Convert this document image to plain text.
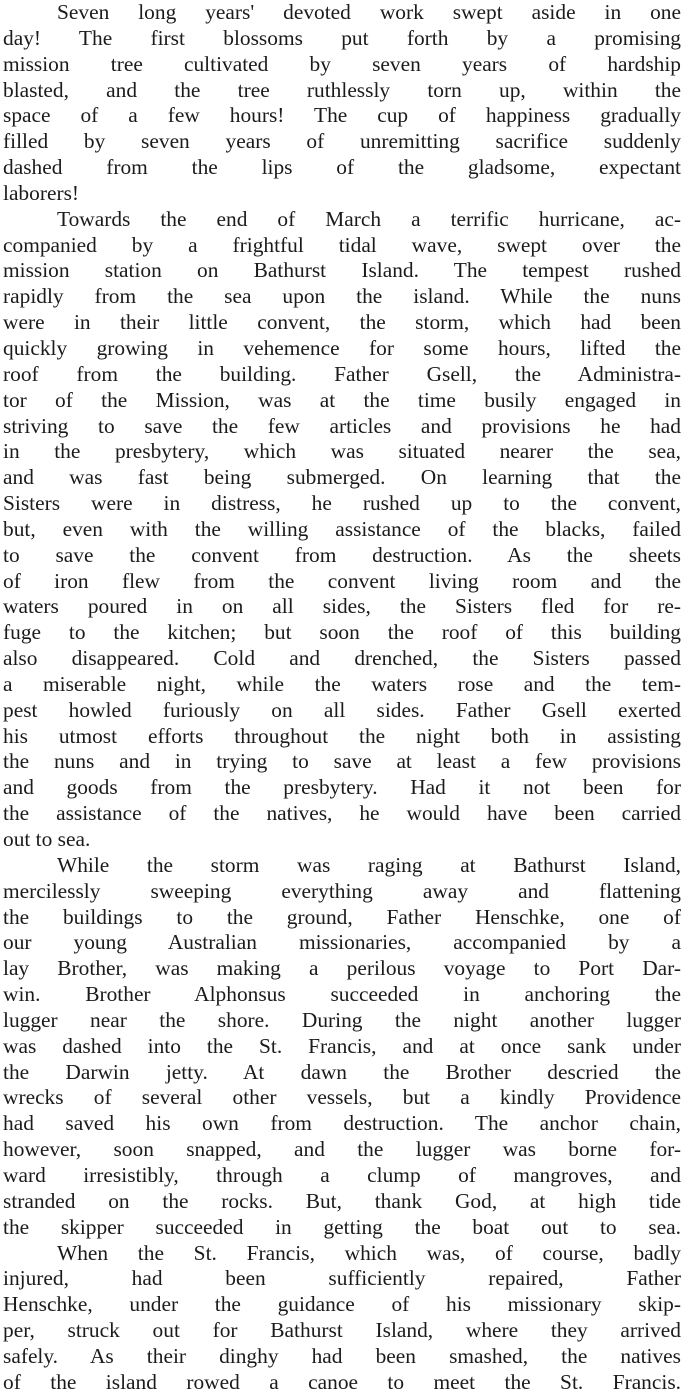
Seven long years' devoted work swept aside in one
day! The first blossoms put forth by a promising
mission tree cultivated by seven years of hardship
blasted, and the tree ruthlessly torn up, within the
space of a few hours! The cup of happiness gradually
filled by seven years of unremitting sacrifice suddenly
dashed from the lips of the gladsome, expectant
laborers!
Towards the end of March a terrific hurricane, ac-
companied by a frightful tidal wave, swept over the
mission station on Bathurst Island. The tempest rushed
rapidly from the sea upon the island. While the nuns
were in their little convent, the storm, which had been
quickly growing in vehemence for some hours, lifted the
roof from the building. Father Gsell, the Administra-
tor of the Mission, was at the time busily engaged in
striving to save the few articles and provisions he had
in the presbytery, which was situated nearer the sea,
and was fast being submerged. On learning that the
Sisters were in distress, he rushed up to the convent,
but, even with the willing assistance of the blacks, failed
to save the convent from destruction. As the sheets
of iron flew from the convent living room and the
waters poured in on all sides, the Sisters fled for re-
fuge to the kitchen; but soon the roof of this building
also disappeared. Cold and drenched, the Sisters passed
a miserable night, while the waters rose and the tem-
pest howled furiously on all sides. Father Gsell exerted
his utmost efforts throughout the night both in assisting
the nuns and in trying to save at least a few provisions
and goods from the presbytery. Had it not been for
the assistance of the natives, he would have been carried
out to sea.
While the storm was raging at Bathurst Island,
mercilessly sweeping everything away and flattening
the buildings to the ground, Father Henschke, one of
our young Australian missionaries, accompanied by a
lay Brother, was making a perilous voyage to Port Dar-
win. Brother Alphonsus succeeded in anchoring the
lugger near the shore. During the night another lugger
was dashed into the St. Francis, and at once sank under
the Darwin jetty. At dawn the Brother descried the
wrecks of several other vessels, but a kindly Providence
had saved his own from destruction. The anchor chain,
however, soon snapped, and the lugger was borne for-
ward irresistibly, through a clump of mangroves, and
stranded on the rocks. But, thank God, at high tide
the skipper succeeded in getting the boat out to sea.
When the St. Francis, which was, of course, badly
injured, had been sufficiently repaired, Father
Henschke, under the guidance of his missionary skip-
per, struck out for Bathurst Island, where they arrived
safely. As their dinghy had been smashed, the natives
of the island rowed a canoe to meet the St. Francis.
